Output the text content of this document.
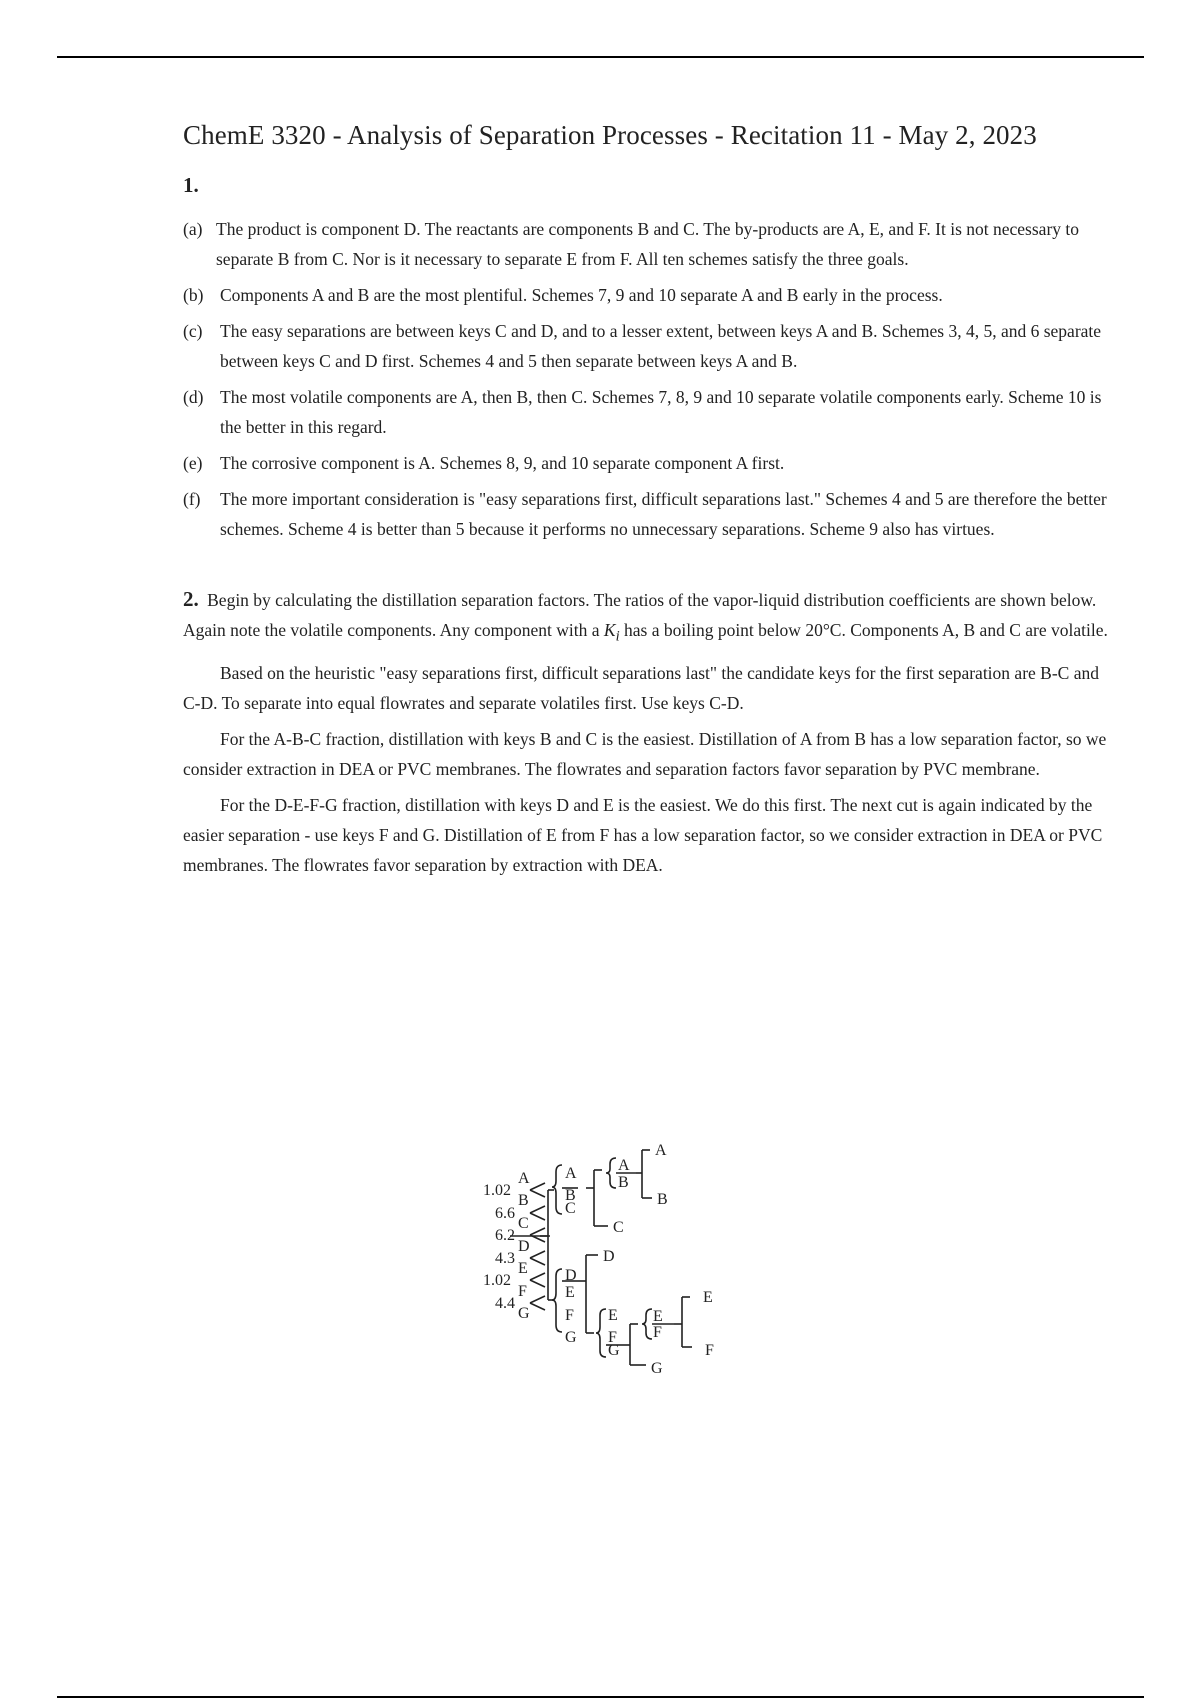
ChemE 3320 - Analysis of Separation Processes - Recitation 11 - May 2, 2023
1.
(a) The product is component D. The reactants are components B and C. The by-products are A, E, and F. It is not necessary to separate B from C. Nor is it necessary to separate E from F. All ten schemes satisfy the three goals.
(b) Components A and B are the most plentiful. Schemes 7, 9 and 10 separate A and B early in the process.
(c) The easy separations are between keys C and D, and to a lesser extent, between keys A and B. Schemes 3, 4, 5, and 6 separate between keys C and D first. Schemes 4 and 5 then separate between keys A and B.
(d) The most volatile components are A, then B, then C. Schemes 7, 8, 9 and 10 separate volatile components early. Scheme 10 is the better in this regard.
(e) The corrosive component is A. Schemes 8, 9, and 10 separate component A first.
(f) The more important consideration is "easy separations first, difficult separations last." Schemes 4 and 5 are therefore the better schemes. Scheme 4 is better than 5 because it performs no unnecessary separations. Scheme 9 also has virtues.
2. Begin by calculating the distillation separation factors. The ratios of the vapor-liquid distribution coefficients are shown below. Again note the volatile components. Any component with a $K_i$ has a boiling point below 20°C. Components A, B and C are volatile.
Based on the heuristic "easy separations first, difficult separations last" the candidate keys for the first separation are B-C and C-D. To separate into equal flowrates and separate volatiles first. Use keys C-D.
For the A-B-C fraction, distillation with keys B and C is the easiest. Distillation of A from B has a low separation factor, so we consider extraction in DEA or PVC membranes. The flowrates and separation factors favor separation by PVC membrane.
For the D-E-F-G fraction, distillation with keys D and E is the easiest. We do this first. The next cut is again indicated by the easier separation - use keys F and G. Distillation of E from F has a low separation factor, so we consider extraction in DEA or PVC membranes. The flowrates favor separation by extraction with DEA.
1.02
6.6
6.2
4.3
1.02
4.4
A
B
C
D
E
F
G
A
B
C
A
B
D
E
F
G
E
F
G
E
F
A
B
C
D
E
F
G
